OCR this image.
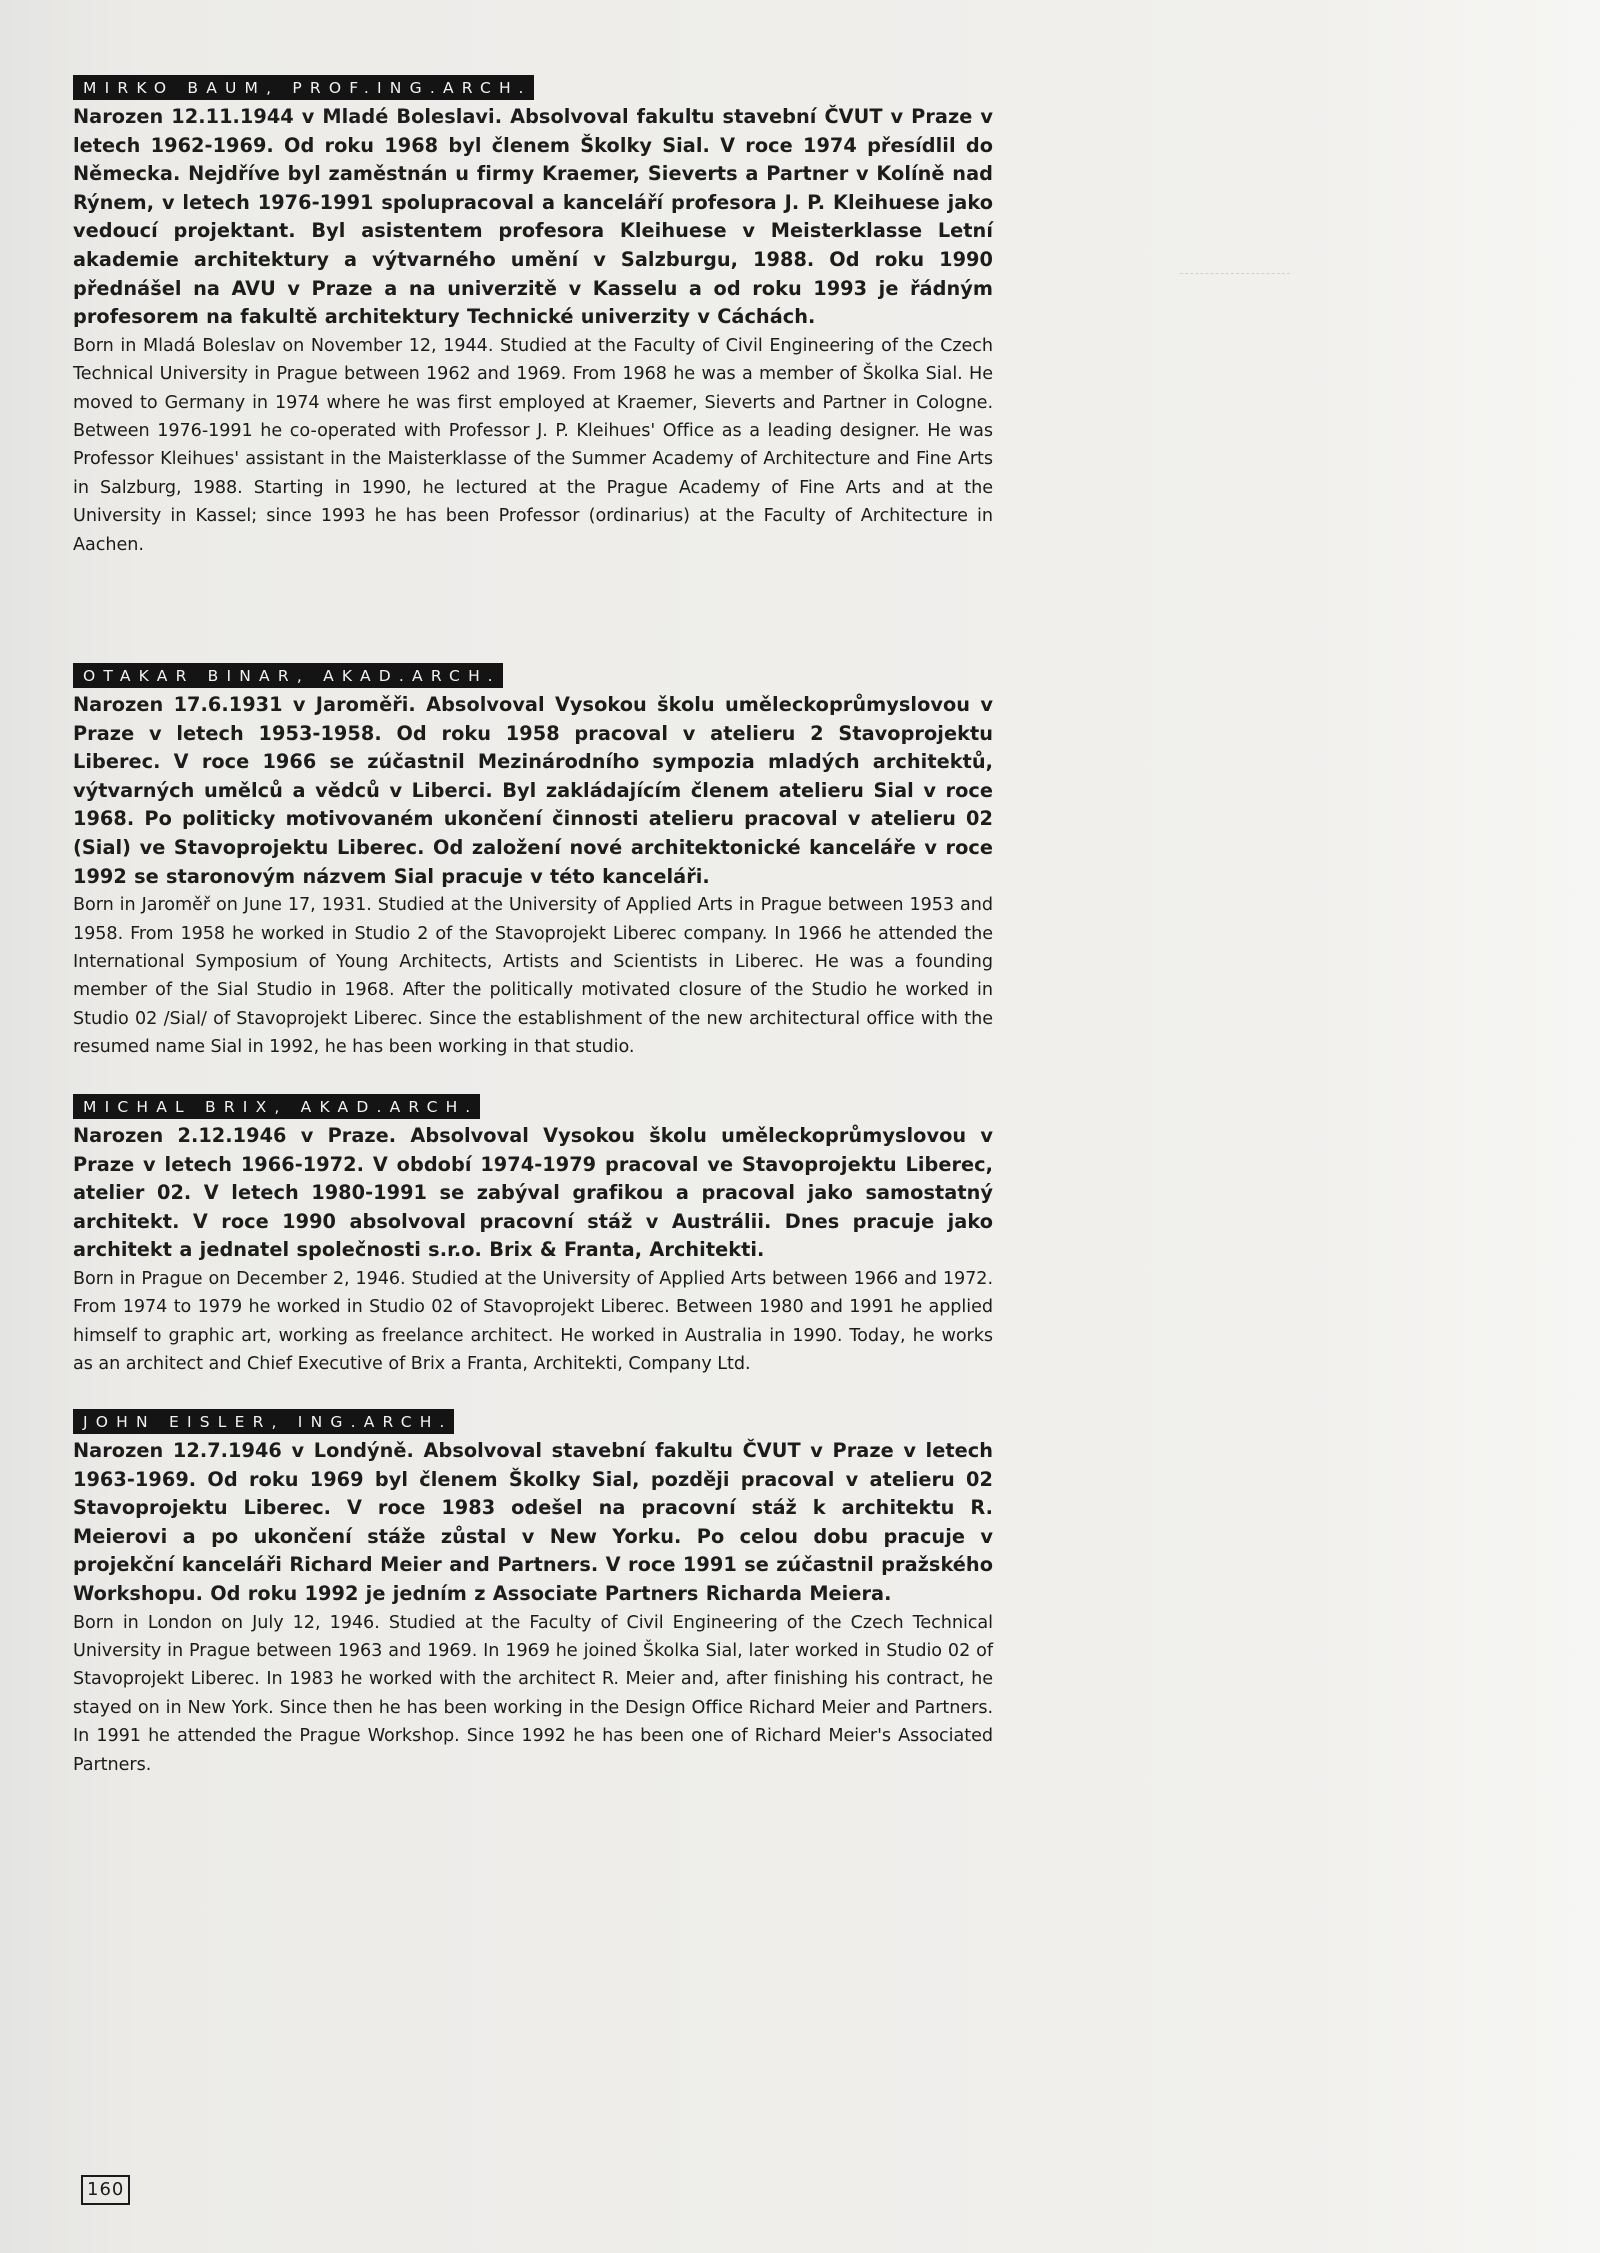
MIRKO BAUM, PROF.ING.ARCH.

Narozen 12.11.1944 v Mladé Boleslavi. Absolvoval fakultu stavební ČVUT v Praze v letech 1962-1969. Od roku 1968 byl členem Školky Sial. V roce 1974 přesídlil do Německa. Nejdříve byl zaměstnán u firmy Kraemer, Sieverts a Partner v Kolíně nad Rýnem, v letech 1976-1991 spolupracoval a kanceláří profesora J. P. Kleihuese jako vedoucí projektant. Byl asistentem profesora Kleihuese v Meisterklasse Letní akademie architektury a výtvarného umění v Salzburgu, 1988. Od roku 1990 přednášel na AVU v Praze a na univerzitě v Kasselu a od roku 1993 je řádným profesorem na fakultě architektury Technické univerzity v Cáchách.

Born in Mladá Boleslav on November 12, 1944. Studied at the Faculty of Civil Engineering of the Czech Technical University in Prague between 1962 and 1969. From 1968 he was a member of Školka Sial. He moved to Germany in 1974 where he was first employed at Kraemer, Sieverts and Partner in Cologne. Between 1976-1991 he co-operated with Professor J. P. Kleihues' Office as a leading designer. He was Professor Kleihues' assistant in the Maisterklasse of the Summer Academy of Architecture and Fine Arts in Salzburg, 1988. Starting in 1990, he lectured at the Prague Academy of Fine Arts and at the University in Kassel; since 1993 he has been Professor (ordinarius) at the Faculty of Architecture in Aachen.

OTAKAR BINAR, AKAD.ARCH.

Narozen 17.6.1931 v Jaroměři. Absolvoval Vysokou školu uměleckoprůmyslovou v Praze v letech 1953-1958. Od roku 1958 pracoval v atelieru 2 Stavoprojektu Liberec. V roce 1966 se zúčastnil Mezinárodního sympozia mladých architektů, výtvarných umělců a vědců v Liberci. Byl zakládajícím členem atelieru Sial v roce 1968. Po politicky motivovaném ukončení činnosti atelieru pracoval v atelieru 02 (Sial) ve Stavoprojektu Liberec. Od založení nové architektonické kanceláře v roce 1992 se staronovým názvem Sial pracuje v této kanceláři.

Born in Jaroměř on June 17, 1931. Studied at the University of Applied Arts in Prague between 1953 and 1958. From 1958 he worked in Studio 2 of the Stavoprojekt Liberec company. In 1966 he attended the International Symposium of Young Architects, Artists and Scientists in Liberec. He was a founding member of the Sial Studio in 1968. After the politically motivated closure of the Studio he worked in Studio 02 /Sial/ of Stavoprojekt Liberec. Since the establishment of the new architectural office with the resumed name Sial in 1992, he has been working in that studio.

MICHAL BRIX, AKAD.ARCH.

Narozen 2.12.1946 v Praze. Absolvoval Vysokou školu uměleckoprůmyslovou v Praze v letech 1966-1972. V období 1974-1979 pracoval ve Stavoprojektu Liberec, atelier 02. V letech 1980-1991 se zabýval grafikou a pracoval jako samostatný architekt. V roce 1990 absolvoval pracovní stáž v Austrálii. Dnes pracuje jako architekt a jednatel společnosti s.r.o. Brix & Franta, Architekti.

Born in Prague on December 2, 1946. Studied at the University of Applied Arts between 1966 and 1972. From 1974 to 1979 he worked in Studio 02 of Stavoprojekt Liberec. Between 1980 and 1991 he applied himself to graphic art, working as freelance architect. He worked in Australia in 1990. Today, he works as an architect and Chief Executive of Brix a Franta, Architekti, Company Ltd.

JOHN EISLER, ING.ARCH.

Narozen 12.7.1946 v Londýně. Absolvoval stavební fakultu ČVUT v Praze v letech 1963-1969. Od roku 1969 byl členem Školky Sial, později pracoval v atelieru 02 Stavoprojektu Liberec. V roce 1983 odešel na pracovní stáž k architektu R. Meierovi a po ukončení stáže zůstal v New Yorku. Po celou dobu pracuje v projekční kanceláři Richard Meier and Partners. V roce 1991 se zúčastnil pražského Workshopu. Od roku 1992 je jedním z Associate Partners Richarda Meiera.

Born in London on July 12, 1946. Studied at the Faculty of Civil Engineering of the Czech Technical University in Prague between 1963 and 1969. In 1969 he joined Školka Sial, later worked in Studio 02 of Stavoprojekt Liberec. In 1983 he worked with the architect R. Meier and, after finishing his contract, he stayed on in New York. Since then he has been working in the Design Office Richard Meier and Partners. In 1991 he attended the Prague Workshop. Since 1992 he has been one of Richard Meier's Associated Partners.

160
